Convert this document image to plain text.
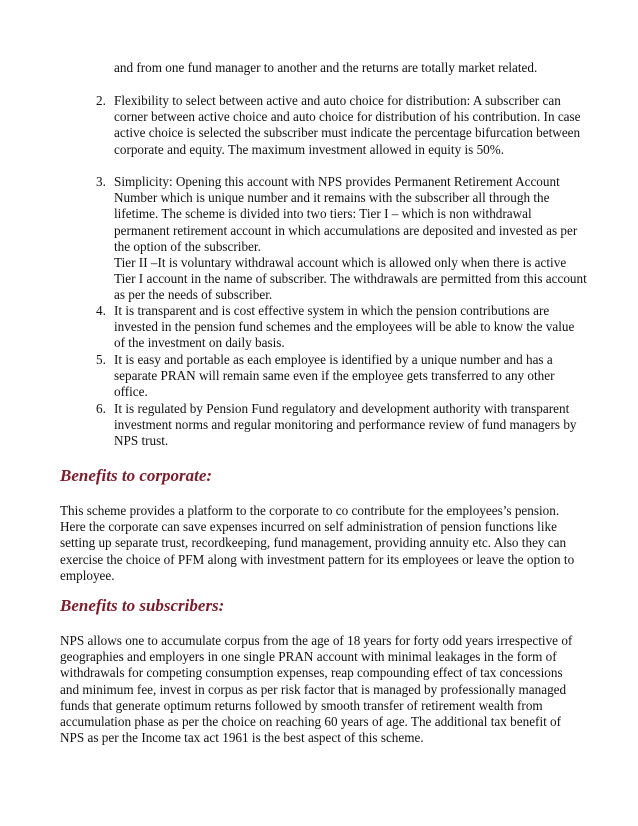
and from one fund manager to another and the returns are totally market related.
2. Flexibility to select between active and auto choice for distribution: A subscriber can corner between active choice and auto choice for distribution of his contribution. In case active choice is selected the subscriber must indicate the percentage bifurcation between corporate and equity. The maximum investment allowed in equity is 50%.

3. Simplicity: Opening this account with NPS provides Permanent Retirement Account Number which is unique number and it remains with the subscriber all through the lifetime. The scheme is divided into two tiers: Tier I – which is non withdrawal permanent retirement account in which accumulations are deposited and invested as per the option of the subscriber.

Tier II –It is voluntary withdrawal account which is allowed only when there is active Tier I account in the name of subscriber. The withdrawals are permitted from this account as per the needs of subscriber.

4. It is transparent and is cost effective system in which the pension contributions are invested in the pension fund schemes and the employees will be able to know the value of the investment on daily basis.

5. It is easy and portable as each employee is identified by a unique number and has a separate PRAN will remain same even if the employee gets transferred to any other office.

6. It is regulated by Pension Fund regulatory and development authority with transparent investment norms and regular monitoring and performance review of fund managers by NPS trust.

Benefits to corporate:

This scheme provides a platform to the corporate to co contribute for the employees’s pension. Here the corporate can save expenses incurred on self administration of pension functions like setting up separate trust, recordkeeping, fund management, providing annuity etc. Also they can exercise the choice of PFM along with investment pattern for its employees or leave the option to employee.

Benefits to subscribers:

NPS allows one to accumulate corpus from the age of 18 years for forty odd years irrespective of geographies and employers in one single PRAN account with minimal leakages in the form of withdrawals for competing consumption expenses, reap compounding effect of tax concessions and minimum fee, invest in corpus as per risk factor that is managed by professionally managed funds that generate optimum returns followed by smooth transfer of retirement wealth from accumulation phase as per the choice on reaching 60 years of age. The additional tax benefit of NPS as per the Income tax act 1961 is the best aspect of this scheme.
